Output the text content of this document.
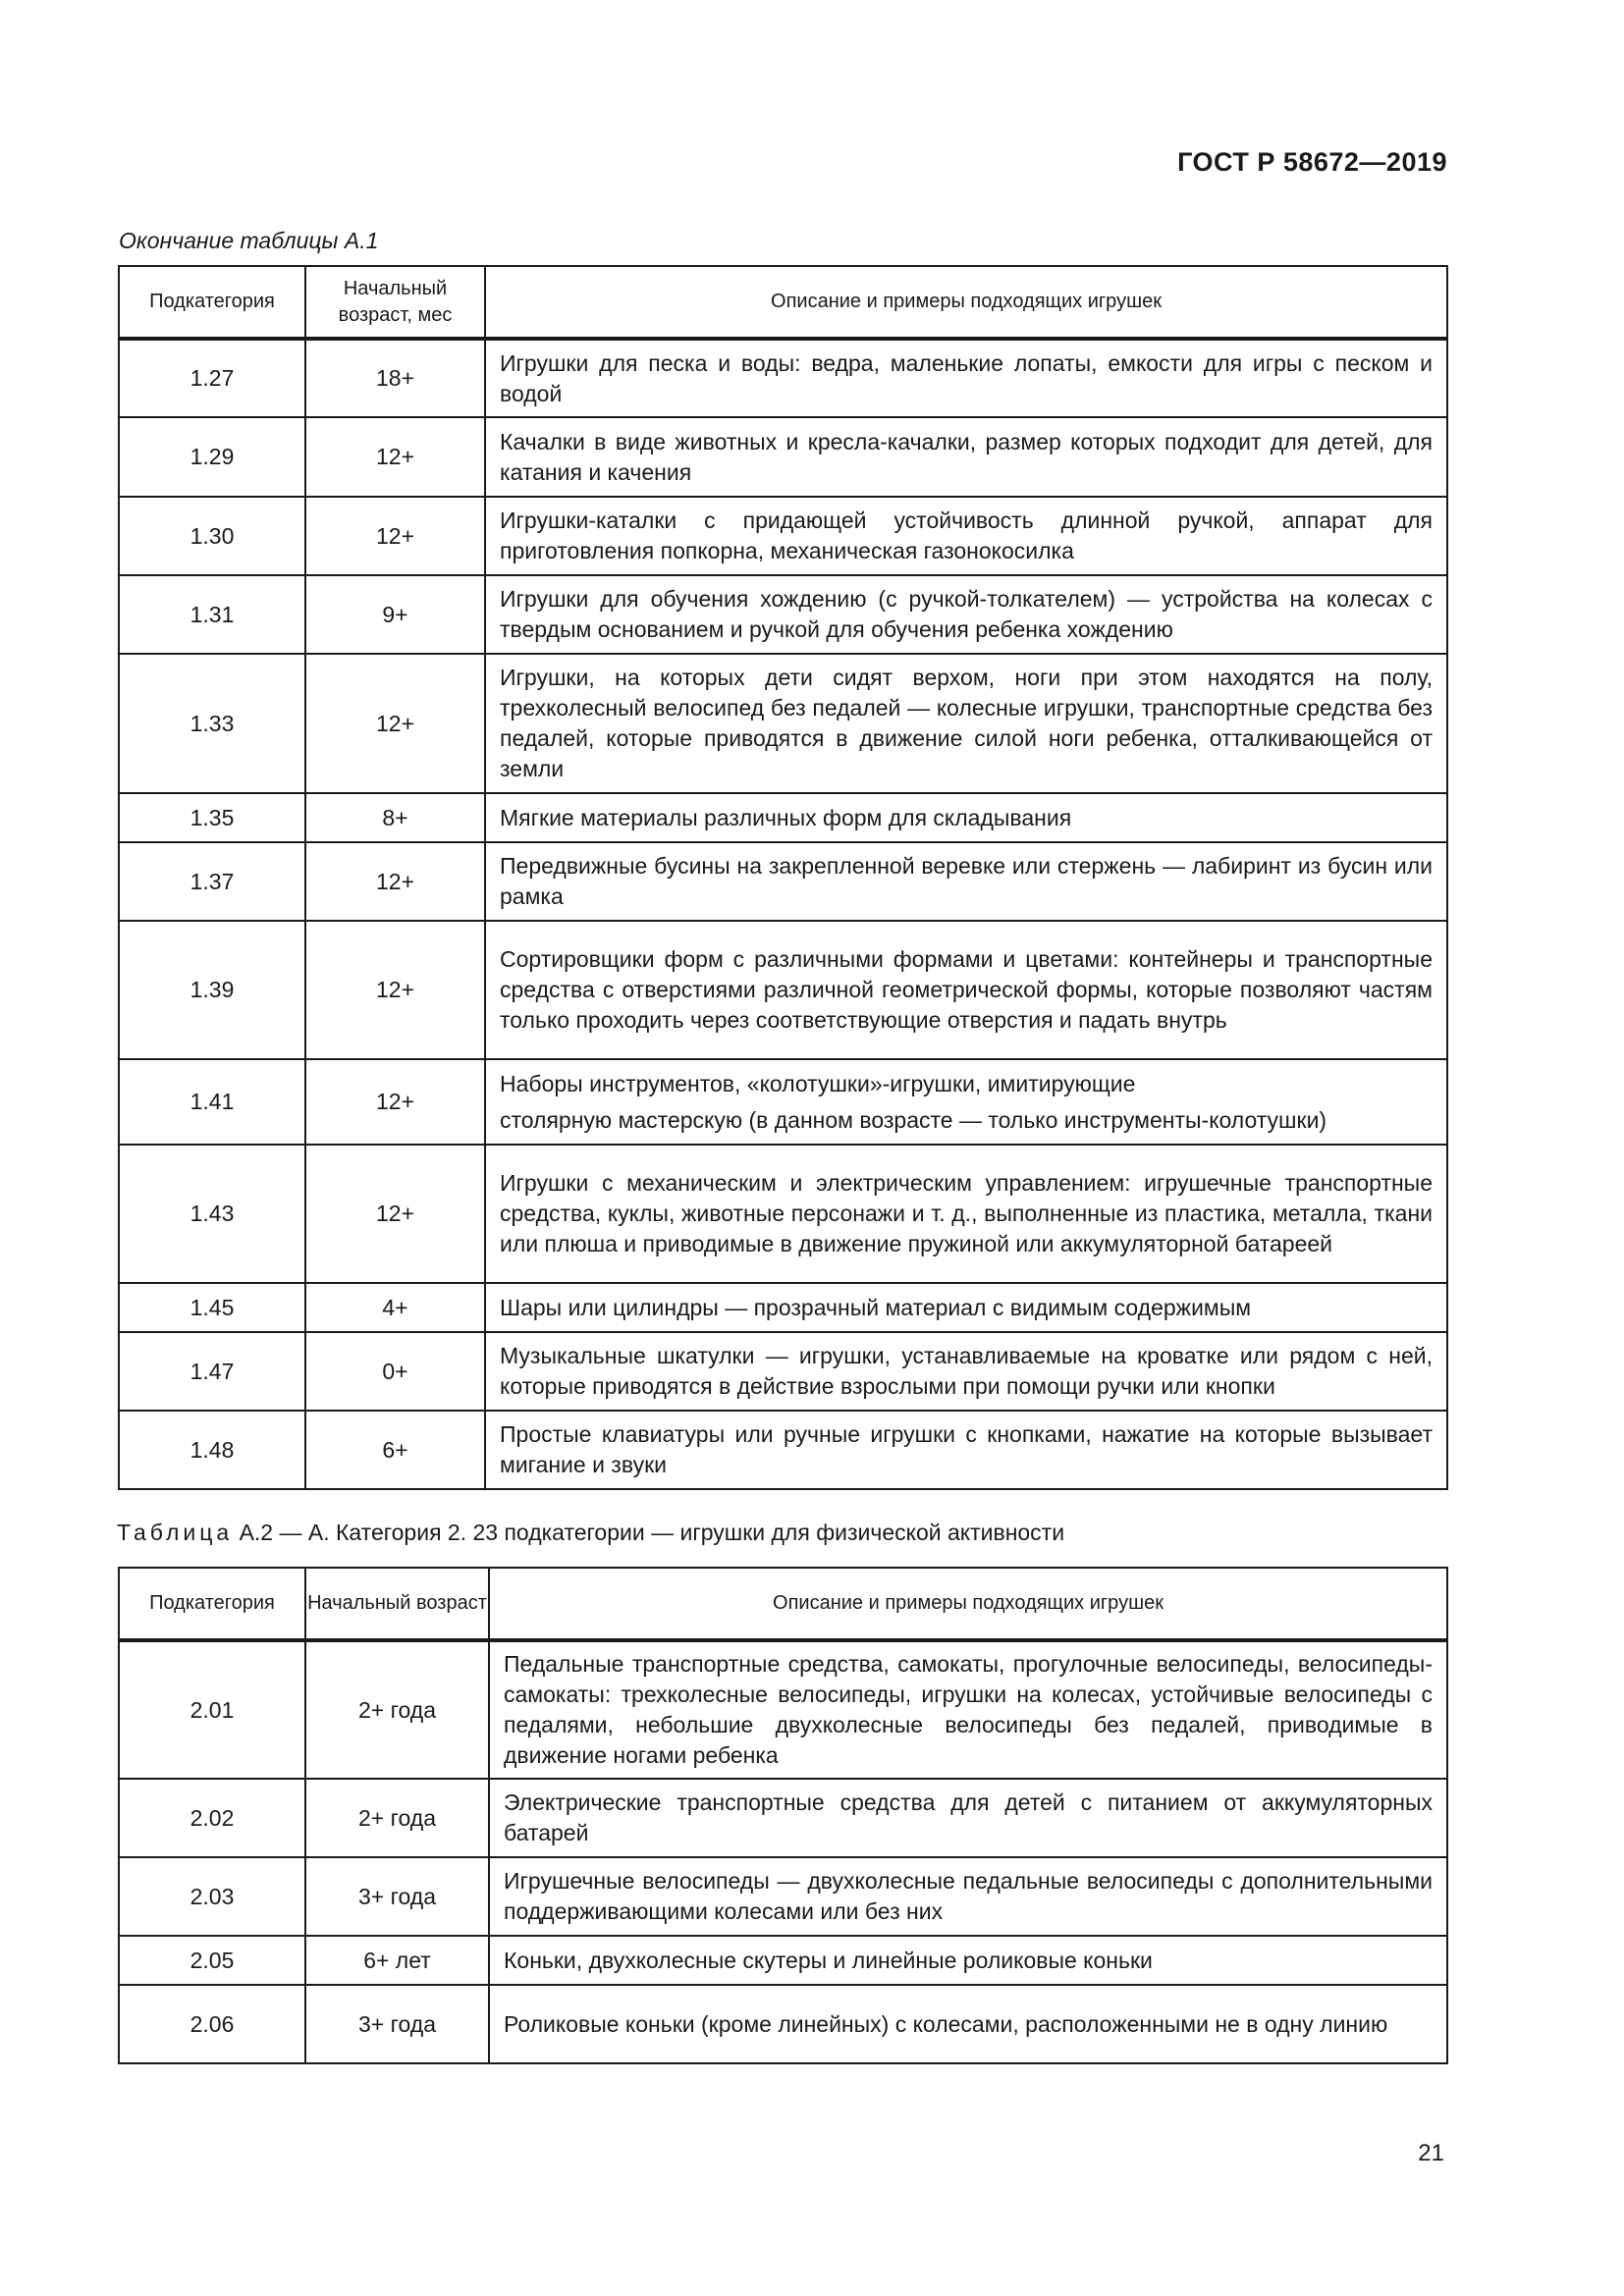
ГОСТ Р 58672—2019
Окончание таблицы А.1
Подкатегория	Начальный возраст, мес	Описание и примеры подходящих игрушек
1.27	18+	Игрушки для песка и воды: ведра, маленькие лопаты, емкости для игры с песком и водой
1.29	12+	Качалки в виде животных и кресла-качалки, размер которых подходит для детей, для катания и качения
1.30	12+	Игрушки-каталки с придающей устойчивость длинной ручкой, аппарат для приготовления попкорна, механическая газонокосилка
1.31	9+	Игрушки для обучения хождению (с ручкой-толкателем) — устройства на колесах с твердым основанием и ручкой для обучения ребенка хождению
1.33	12+	Игрушки, на которых дети сидят верхом, ноги при этом находятся на полу, трехколесный велосипед без педалей — колесные игрушки, транспортные средства без педалей, которые приводятся в движение силой ноги ребенка, отталкивающейся от земли
1.35	8+	Мягкие материалы различных форм для складывания
1.37	12+	Передвижные бусины на закрепленной веревке или стержень — лабиринт из бусин или рамка
1.39	12+	Сортировщики форм с различными формами и цветами: контейнеры и транспортные средства с отверстиями различной геометрической формы, которые позволяют частям только проходить через соответствующие отверстия и падать внутрь
1.41	12+	Наборы инструментов, «колотушки»-игрушки, имитирующие
столярную мастерскую (в данном возрасте — только инструменты-колотушки)

1.43	12+	Игрушки с механическим и электрическим управлением: игрушечные транспортные средства, куклы, животные персонажи и т. д., выполненные из пластика, металла, ткани или плюша и приводимые в движение пружиной или аккумуляторной батареей
1.45	4+	Шары или цилиндры — прозрачный материал с видимым содержимым
1.47	0+	Музыкальные шкатулки — игрушки, устанавливаемые на кроватке или рядом с ней, которые приводятся в действие взрослыми при помощи ручки или кнопки
1.48	6+	Простые клавиатуры или ручные игрушки с кнопками, нажатие на которые вызывает мигание и звуки
Таблица А.2 — А. Категория 2. 23 подкатегории — игрушки для физической активности
Подкатегория	Начальный возраст	Описание и примеры подходящих игрушек
2.01	2+ года	Педальные транспортные средства, самокаты, прогулочные велосипеды, велосипеды-самокаты: трехколесные велосипеды, игрушки на колесах, устойчивые велосипеды с педалями, небольшие двухколесные велосипеды без педалей, приводимые в движение ногами ребенка
2.02	2+ года	Электрические транспортные средства для детей с питанием от аккумуляторных батарей
2.03	3+ года	Игрушечные велосипеды — двухколесные педальные велосипеды с дополнительными поддерживающими колесами или без них
2.05	6+ лет	Коньки, двухколесные скутеры и линейные роликовые коньки
2.06	3+ года	Роликовые коньки (кроме линейных) с колесами, расположенными не в одну линию
21
